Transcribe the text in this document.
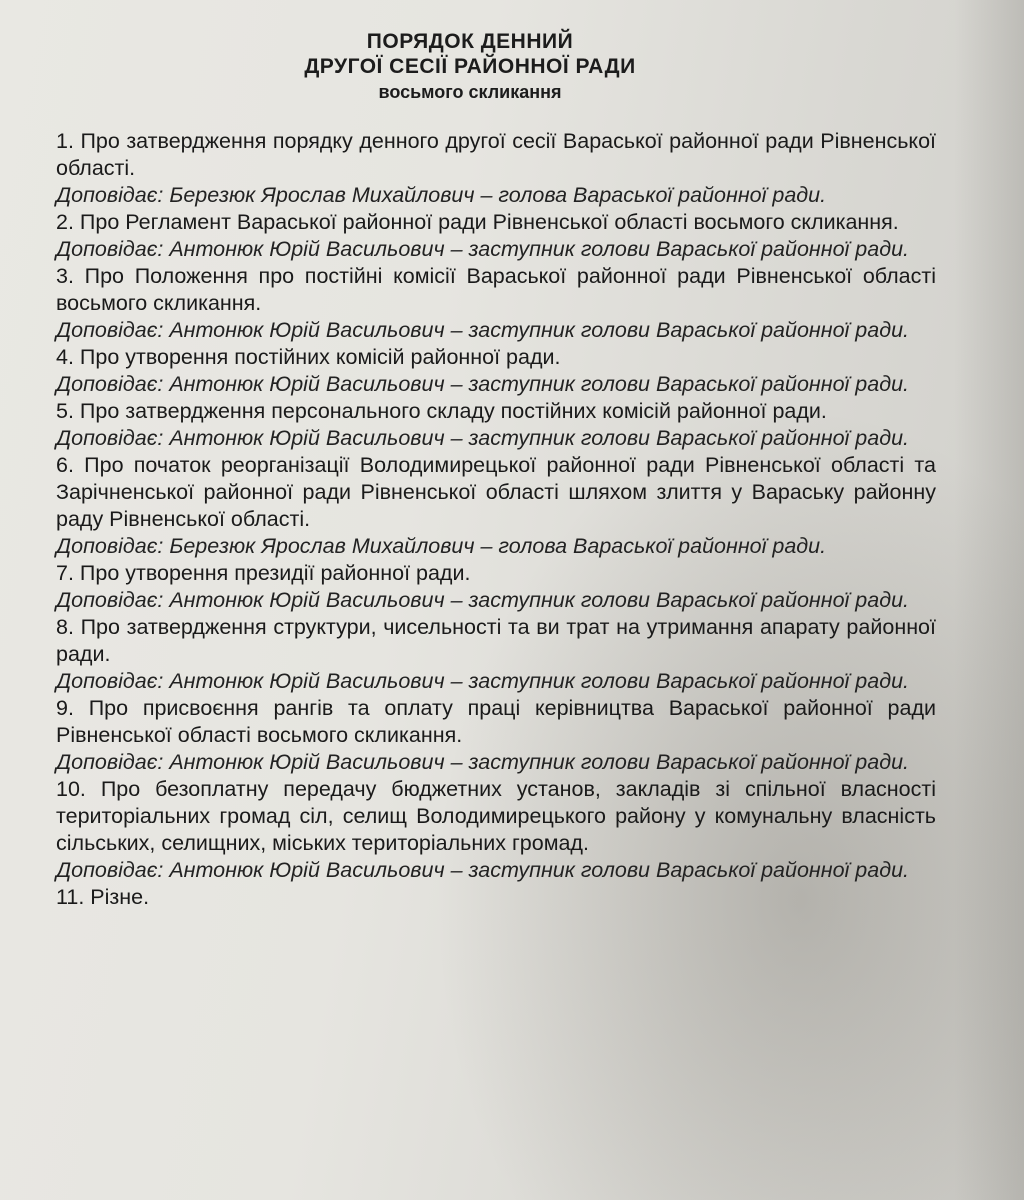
ПОРЯДОК ДЕННИЙ
ДРУГОЇ СЕСІЇ РАЙОННОЇ РАДИ
восьмого скликання

1. Про затвердження порядку денного другої сесії Вараської районної ради Рівненської області.

Доповідає: Березюк Ярослав Михайлович – голова Вараської районної ради.

2. Про Регламент Вараської районної ради Рівненської області восьмого скликання.

Доповідає: Антонюк Юрій Васильович – заступник голови Вараської районної ради.

3. Про Положення про постійні комісії Вараської районної ради Рівненської області восьмого скликання.

Доповідає: Антонюк Юрій Васильович – заступник голови Вараської районної ради.

4. Про утворення постійних комісій районної ради.

Доповідає: Антонюк Юрій Васильович – заступник голови Вараської районної ради.

5. Про затвердження персонального складу постійних комісій районної ради.

Доповідає: Антонюк Юрій Васильович – заступник голови Вараської районної ради.

6. Про початок реорганізації Володимирецької районної ради Рівненської області та Зарічненської районної ради Рівненської області шляхом злиття у Вараську районну раду Рівненської області.

Доповідає: Березюк Ярослав Михайлович – голова Вараської районної ради.

7. Про утворення президії районної ради.

Доповідає: Антонюк Юрій Васильович – заступник голови Вараської районної ради.

8. Про затвердження структури, чисельності та ви трат на утримання апарату районної ради.

Доповідає: Антонюк Юрій Васильович – заступник голови Вараської районної ради.

9. Про присвоєння рангів та оплату праці керівництва Вараської районної ради Рівненської області восьмого скликання.

Доповідає: Антонюк Юрій Васильович – заступник голови Вараської районної ради.

10. Про безоплатну передачу бюджетних установ, закладів зі спільної власності територіальних громад сіл, селищ Володимирецького району у комунальну власність сільських, селищних, міських територіальних громад.

Доповідає: Антонюк Юрій Васильович – заступник голови Вараської районної ради.

11. Різне.
